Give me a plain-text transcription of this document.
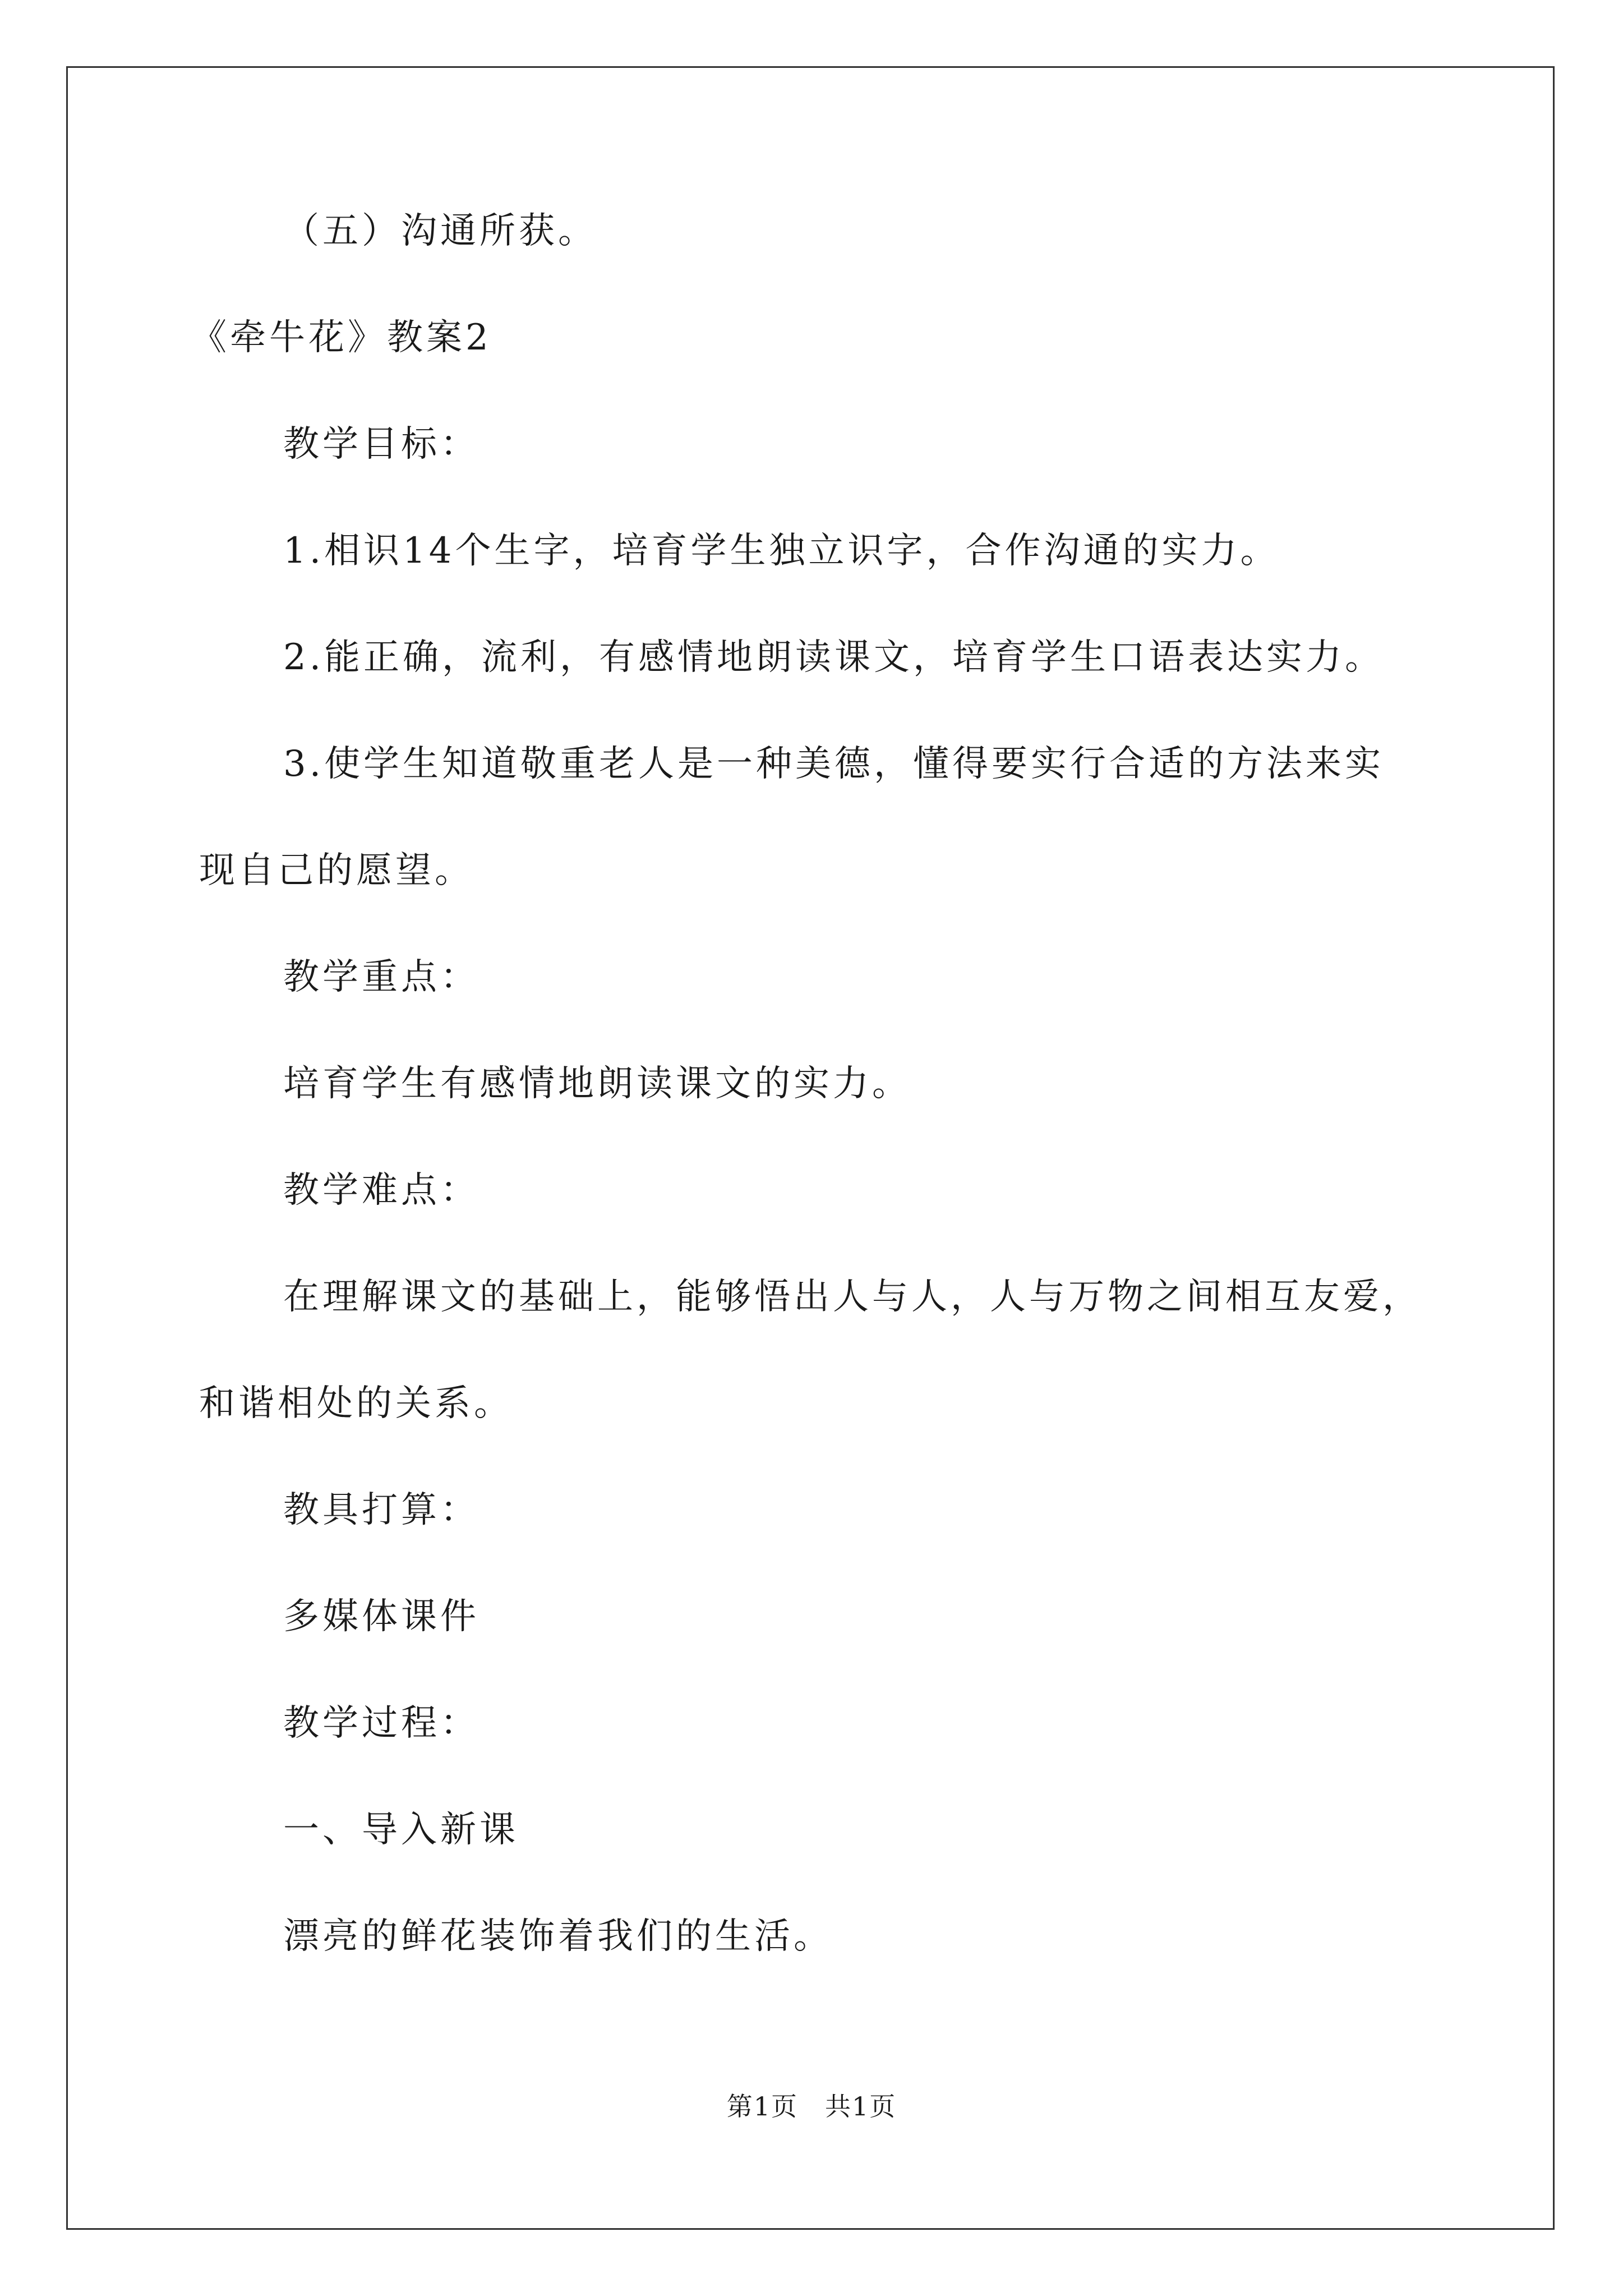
（五）沟通所获。
《牵牛花》教案2
教学目标：
1.相识14个生字，培育学生独立识字，合作沟通的实力。
2.能正确，流利，有感情地朗读课文，培育学生口语表达实力。
3.使学生知道敬重老人是一种美德，懂得要实行合适的方法来实
现自己的愿望。
教学重点：
培育学生有感情地朗读课文的实力。
教学难点：
在理解课文的基础上，能够悟出人与人，人与万物之间相互友爱，
和谐相处的关系。
教具打算：
多媒体课件
教学过程：
一、导入新课
漂亮的鲜花装饰着我们的生活。
第1页　共1页
